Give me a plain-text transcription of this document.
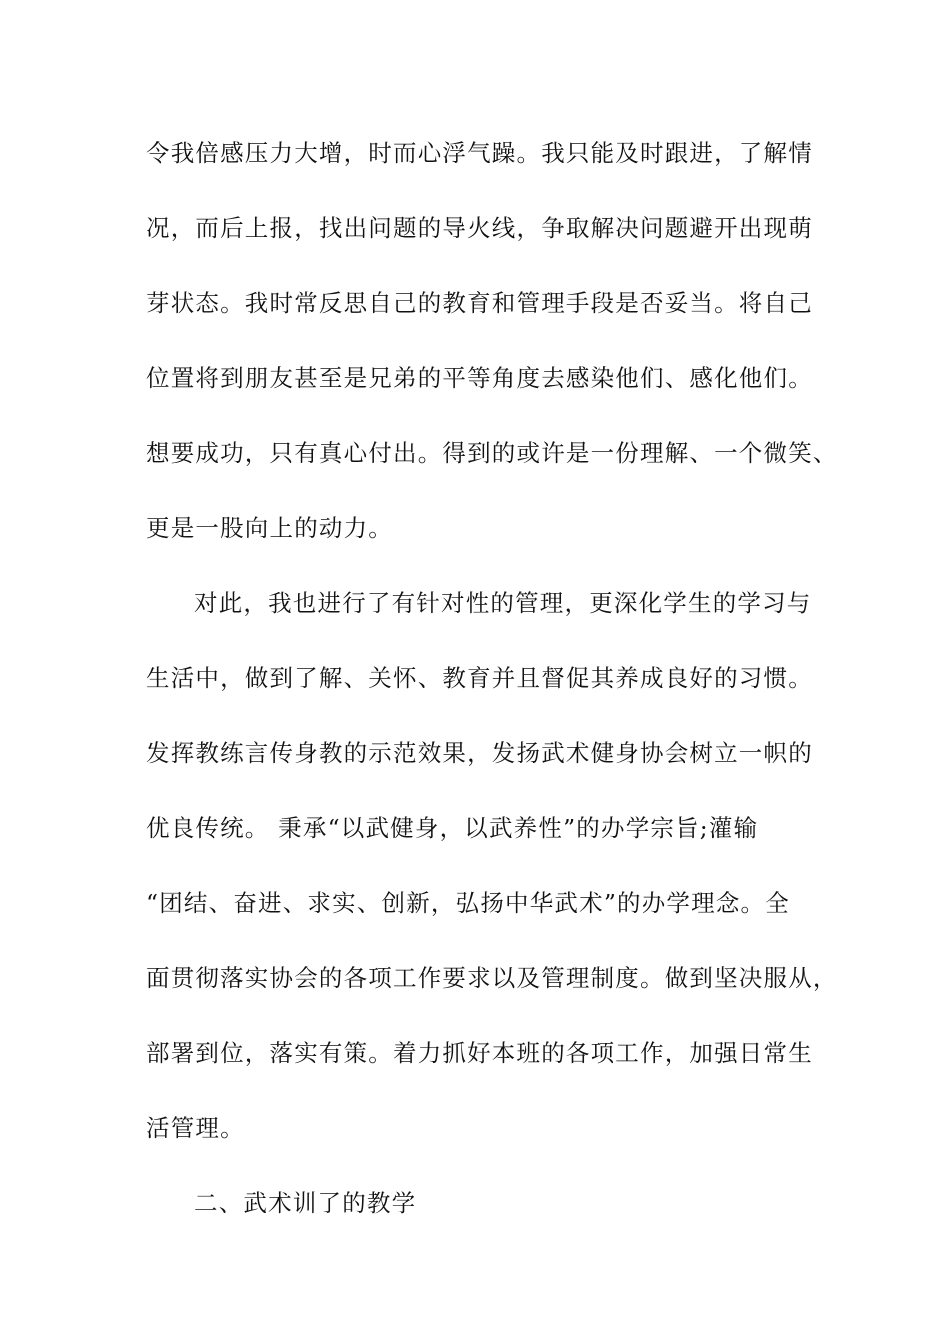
令我倍感压力大增，时而心浮气躁。我只能及时跟进，了解情
况，而后上报，找出问题的导火线，争取解决问题避开出现萌
芽状态。我时常反思自己的教育和管理手段是否妥当。将自己
位置将到朋友甚至是兄弟的平等角度去感染他们、感化他们。
想要成功，只有真心付出。得到的或许是一份理解、一个微笑、
更是一股向上的动力。
对此，我也进行了有针对性的管理，更深化学生的学习与
生活中，做到了解、关怀、教育并且督促其养成良好的习惯。
发挥教练言传身教的示范效果，发扬武术健身协会树立一帜的
优良传统。 秉承“以武健身，以武养性”的办学宗旨;灌输
“团结、奋进、求实、创新，弘扬中华武术”的办学理念。全
面贯彻落实协会的各项工作要求以及管理制度。做到坚决服从，
部署到位，落实有策。着力抓好本班的各项工作，加强日常生
活管理。
二、武术训了的教学
